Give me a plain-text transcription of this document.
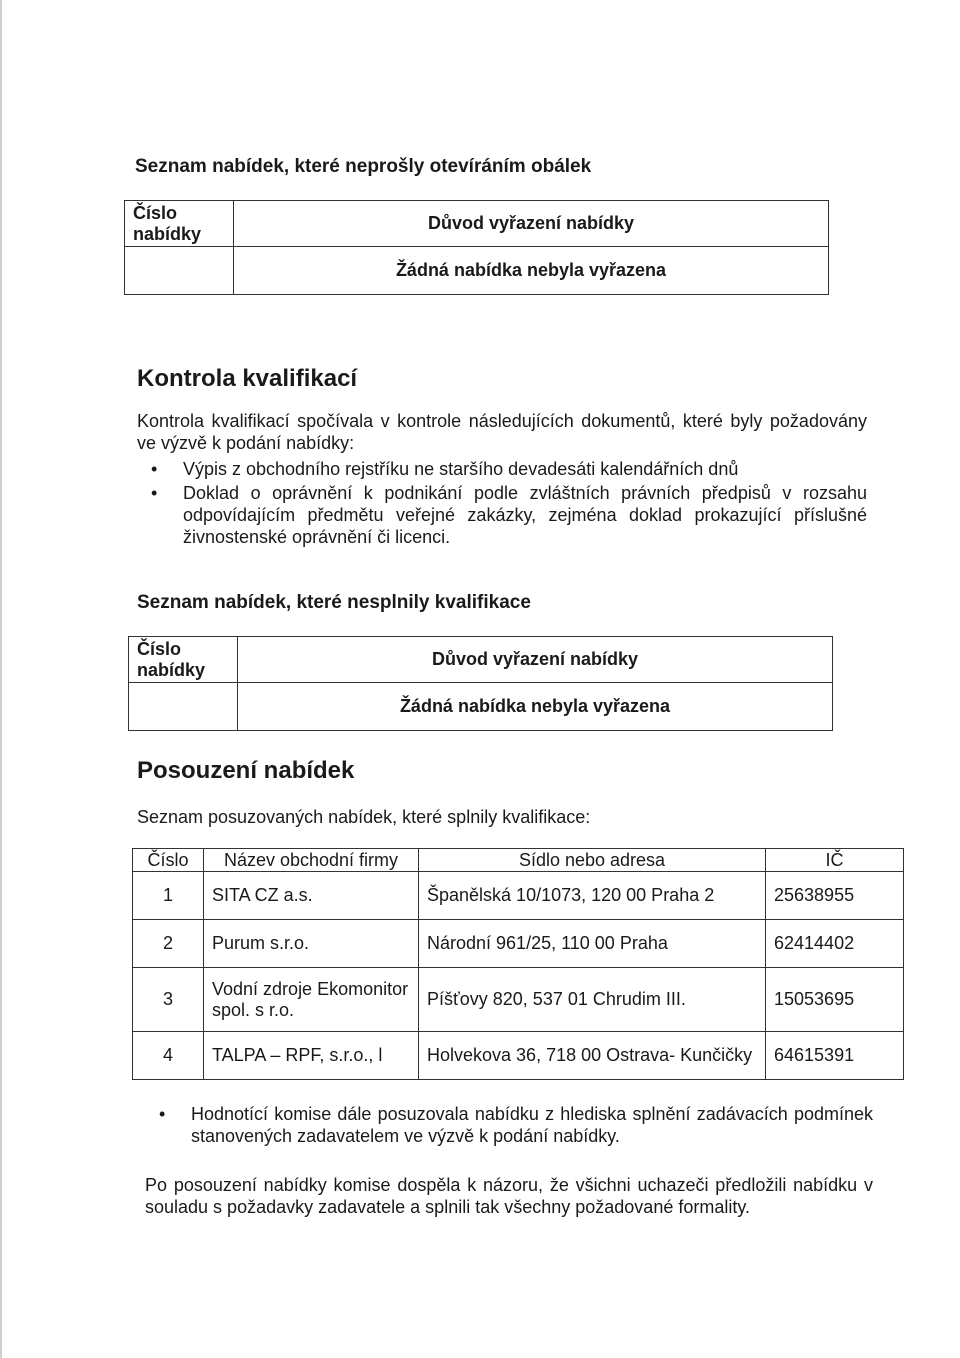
Seznam nabídek, které neprošly otevíráním obálek
Číslo nabídky	Důvod vyřazení nabídky
	Žádná nabídka nebyla vyřazena
Kontrola kvalifikací

Kontrola kvalifikací spočívala v kontrole následujících dokumentů, které byly požadovány ve výzvě k podání nabídky:

• Výpis z obchodního rejstříku ne staršího devadesáti kalendářních dnů
• Doklad o oprávnění k podnikání podle zvláštních právních předpisů v rozsahu odpovídajícím předmětu veřejné zakázky, zejména doklad prokazující příslušné živnostenské oprávnění či licenci.
Seznam nabídek, které nesplnily kvalifikace
Číslo nabídky	Důvod vyřazení nabídky
	Žádná nabídka nebyla vyřazena
Posouzení nabídek

Seznam posuzovaných nabídek, které splnily kvalifikace:

Číslo	Název obchodní firmy	Sídlo nebo adresa	IČ
1	SITA CZ a.s.	Španělská 10/1073, 120 00 Praha 2	25638955
2	Purum s.r.o.	Národní 961/25, 110 00 Praha	62414402
3	Vodní zdroje Ekomonitor spol. s r.o.	Píšťovy 820, 537 01 Chrudim III.	15053695
4	TALPA – RPF, s.r.o., l	Holvekova 36, 718 00 Ostrava- Kunčičky	64615391
• Hodnotící komise dále posuzovala nabídku z hlediska splnění zadávacích podmínek stanovených zadavatelem ve výzvě k podání nabídky.

Po posouzení nabídky komise dospěla k názoru, že všichni uchazeči předložili nabídku v souladu s požadavky zadavatele a splnili tak všechny požadované formality.
